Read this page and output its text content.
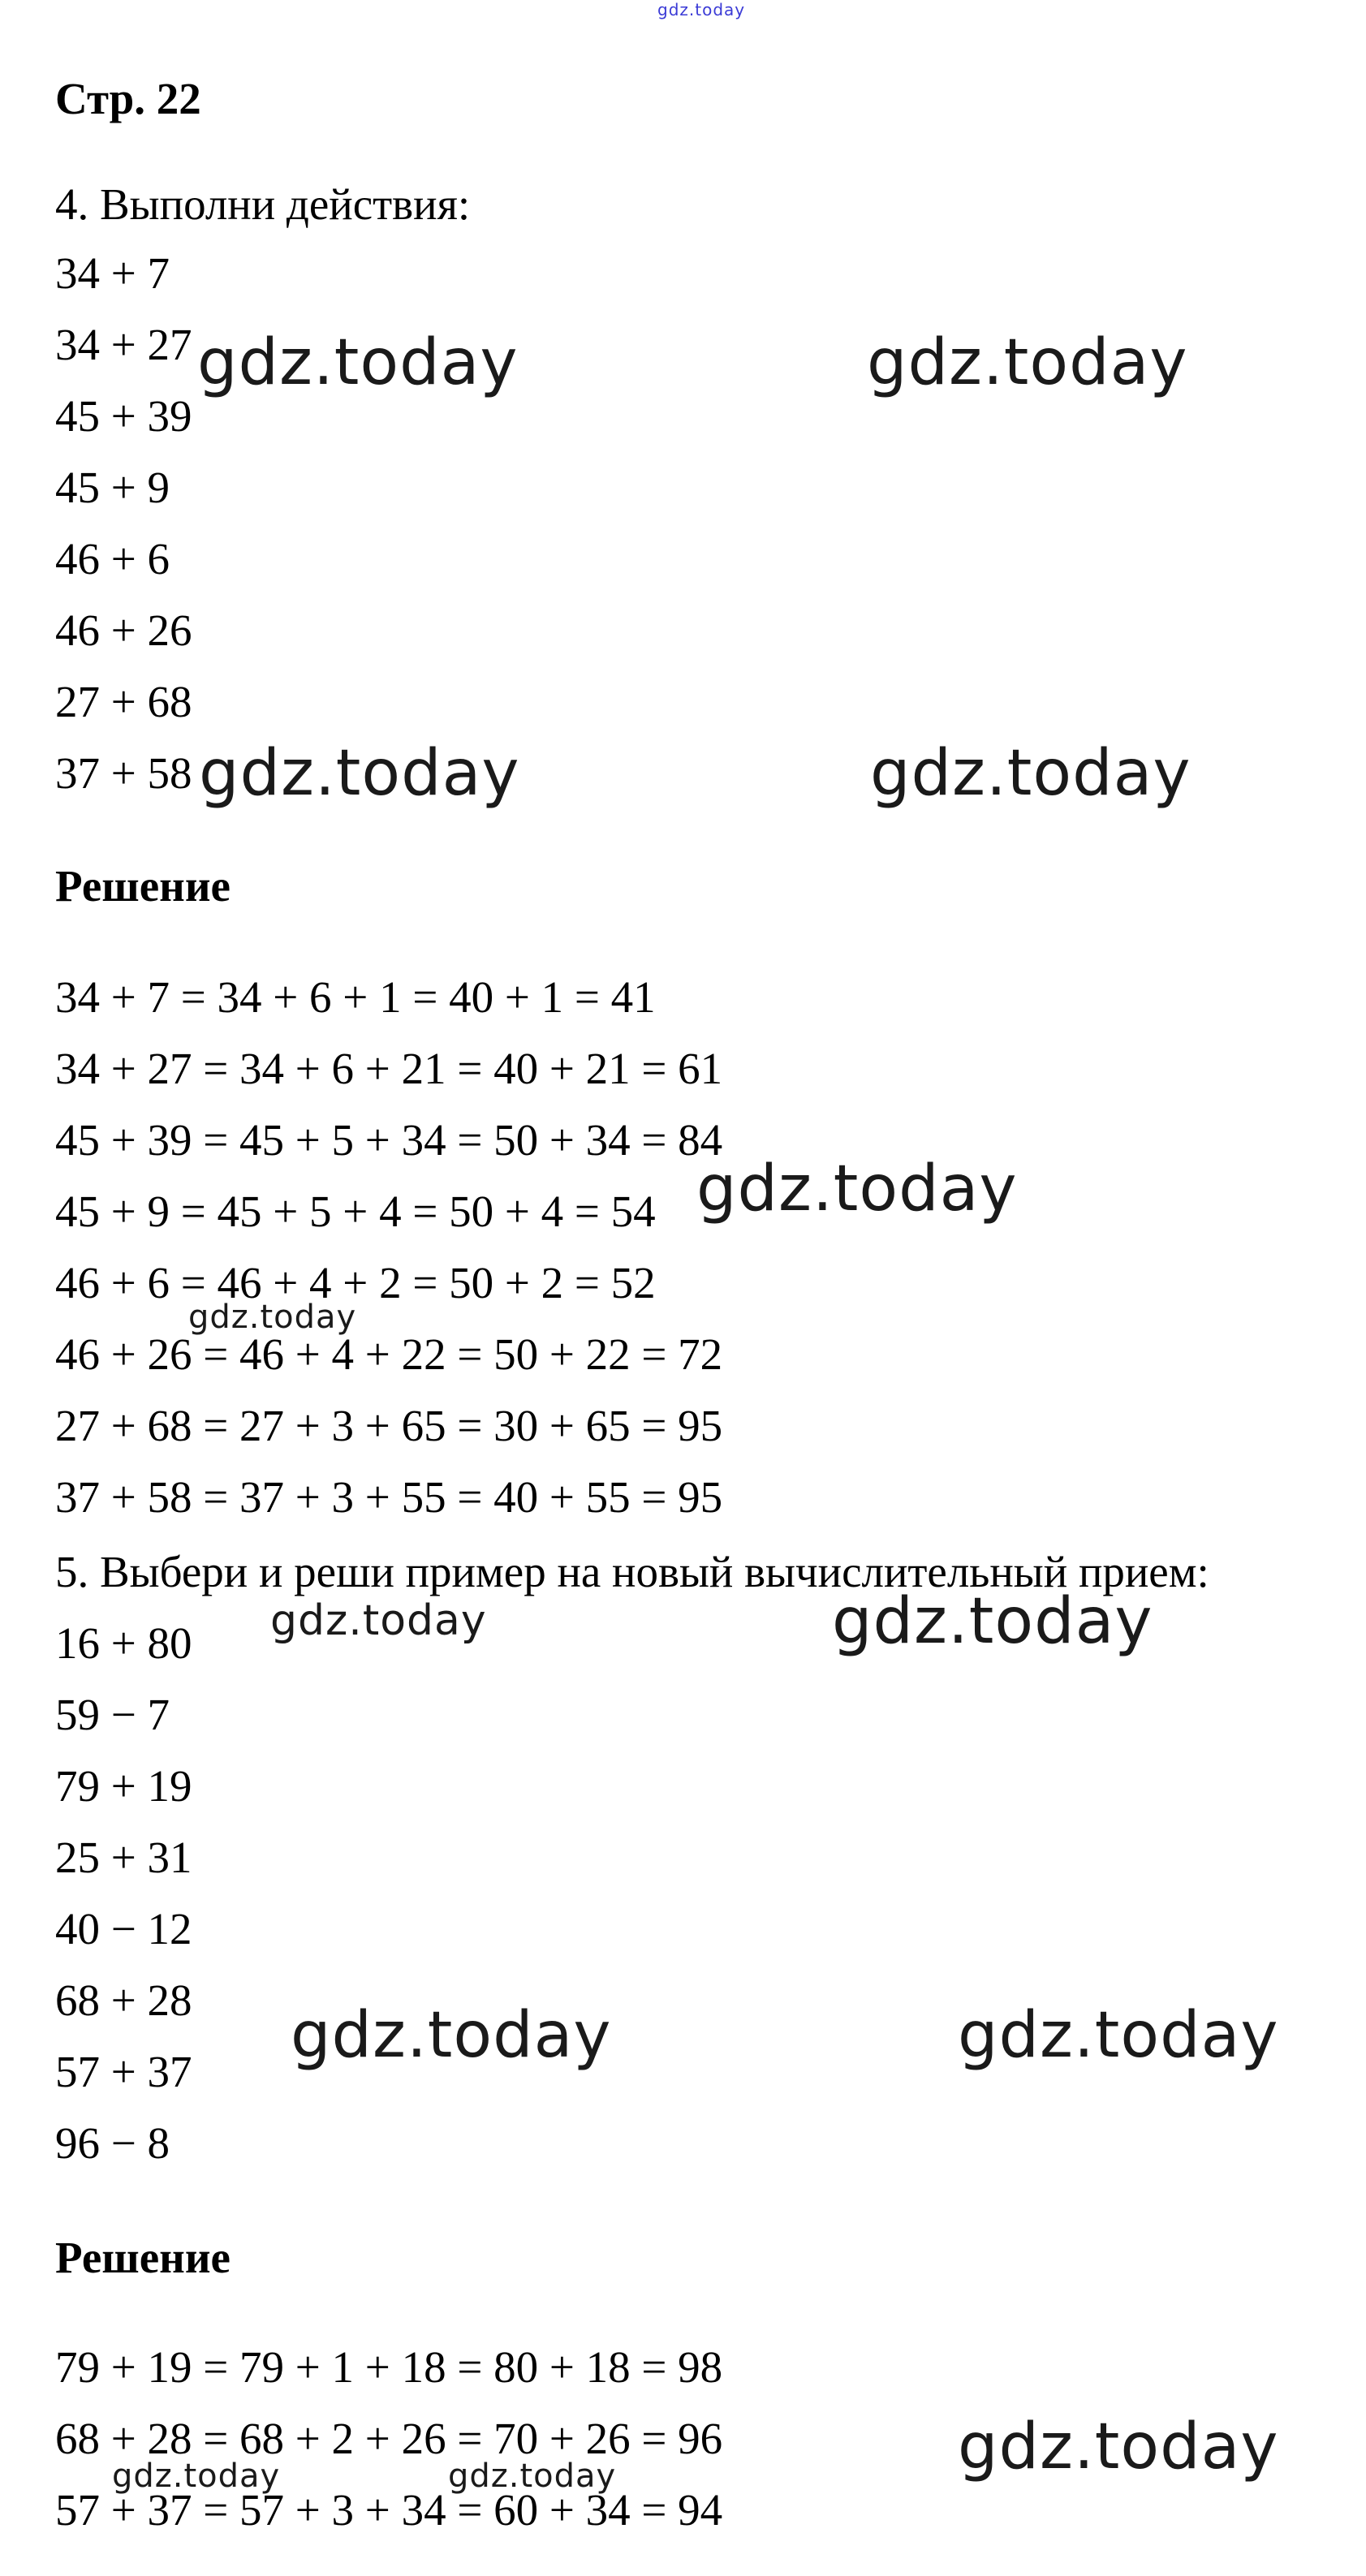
gdz.today
Стр. 22
4. Выполни действия:
34 + 7
34 + 27
45 + 39
45 + 9
46 + 6
46 + 26
27 + 68
37 + 58
Решение
34 + 7 = 34 + 6 + 1 = 40 + 1 = 41
34 + 27 = 34 + 6 + 21 = 40 + 21 = 61
45 + 39 = 45 + 5 + 34 = 50 + 34 = 84
45 + 9 = 45 + 5 + 4 = 50 + 4 = 54
46 + 6 = 46 + 4 + 2 = 50 + 2 = 52
46 + 26 = 46 + 4 + 22 = 50 + 22 = 72
27 + 68 = 27 + 3 + 65 = 30 + 65 = 95
37 + 58 = 37 + 3 + 55 = 40 + 55 = 95
5. Выбери и реши пример на новый вычислительный прием:
16 + 80
59 − 7
79 + 19
25 + 31
40 − 12
68 + 28
57 + 37
96 − 8
Решение
79 + 19 = 79 + 1 + 18 = 80 + 18 = 98
68 + 28 = 68 + 2 + 26 = 70 + 26 = 96
57 + 37 = 57 + 3 + 34 = 60 + 34 = 94
gdz.today	gdz.today
gdz.today	gdz.today
gdz.today
gdz.today
gdz.today	gdz.today
gdz.today	gdz.today
gdz.today
gdz.today	gdz.today
